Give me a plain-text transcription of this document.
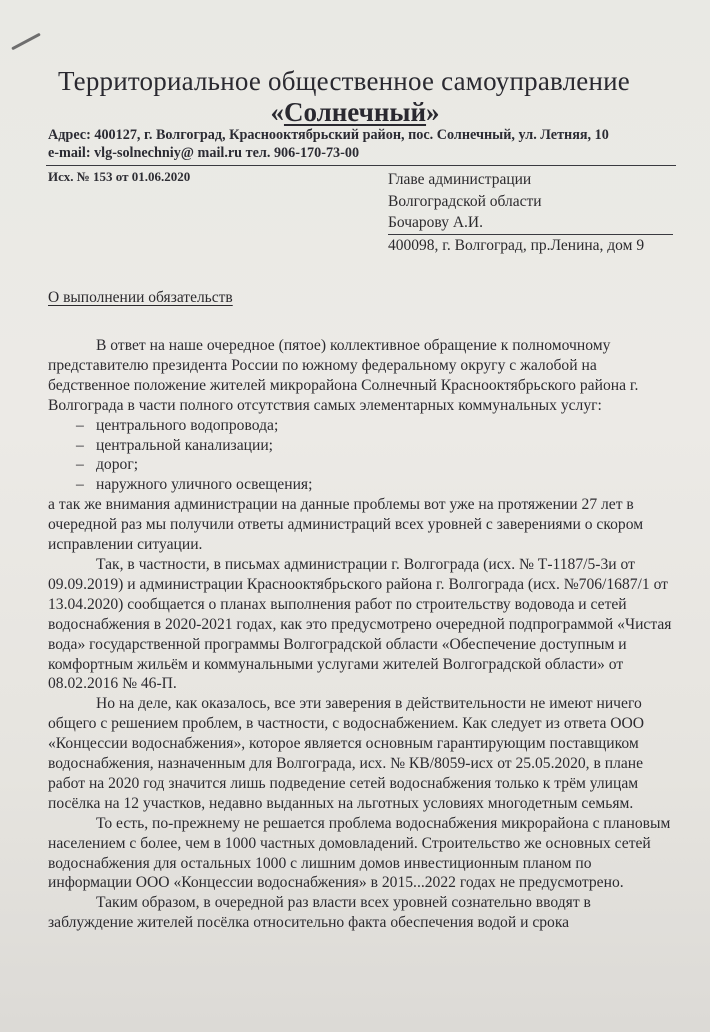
Территориальное общественное самоуправление
«Солнечный»
Адрес: 400127, г. Волгоград, Краснооктябрьский район, пос. Солнечный, ул. Летняя, 10
e-mail: vlg-solnechniy@ mail.ru тел. 906-170-73-00
Исх. № 153 от 01.06.2020	Главе администрации
Волгоградской области
Бочарову А.И.
400098, г. Волгоград, пр.Ленина, дом 9
О выполнении обязательств

В ответ на наше очередное (пятое) коллективное обращение к полномочному представителю президента России по южному федеральному округу с жалобой на бедственное положение жителей микрорайона Солнечный Краснооктябрьского района г. Волгограда в части полного отсутствия самых элементарных коммунальных услуг:

– центрального водопровода;
– центральной канализации;
– дорог;
– наружного уличного освещения;

а так же внимания администрации на данные проблемы вот уже на протяжении 27 лет в очередной раз мы получили ответы администраций всех уровней с заверениями о скором исправлении ситуации.

Так, в частности, в письмах администрации г. Волгограда (исх. № Т-1187/5-3и от 09.09.2019) и администрации Краснооктябрьского района г. Волгограда (исх. №706/1687/1 от 13.04.2020) сообщается о планах выполнения работ по строительству водовода и сетей водоснабжения в 2020-2021 годах, как это предусмотрено очередной подпрограммой «Чистая вода» государственной программы Волгоградской области «Обеспечение доступным и комфортным жильём и коммунальными услугами жителей Волгоградской области» от 08.02.2016 № 46-П.

Но на деле, как оказалось, все эти заверения в действительности не имеют ничего общего с решением проблем, в частности, с водоснабжением. Как следует из ответа ООО «Концессии водоснабжения», которое является основным гарантирующим поставщиком водоснабжения, назначенным для Волгограда, исх. № КВ/8059-исх от 25.05.2020, в плане работ на 2020 год значится лишь подведение сетей водоснабжения только к трём улицам посёлка на 12 участков, недавно выданных на льготных условиях многодетным семьям.

То есть, по-прежнему не решается проблема водоснабжения микрорайона с плановым населением с более, чем в 1000 частных домовладений. Строительство же основных сетей водоснабжения для остальных 1000 с лишним домов инвестиционным планом по информации ООО «Концессии водоснабжения» в 2015...2022 годах не предусмотрено.

Таким образом, в очередной раз власти всех уровней сознательно вводят в заблуждение жителей посёлка относительно факта обеспечения водой и срока
